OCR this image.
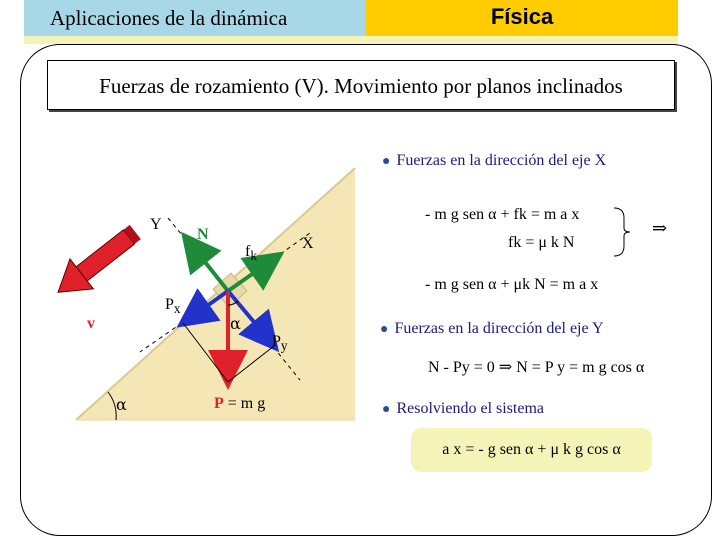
Aplicaciones de la dinámica	Física
Fuerzas de rozamiento (V). Movimiento por planos inclinados
Y
N
$f_k$
X
$P_x$
v	α
$P_y$
α	P = m g
● Fuerzas en la dirección del eje X
- m g sen α + fk = m a x
fk = μ k N
⇒
- m g sen α + μk N = m a x
● Fuerzas en la dirección del eje Y
N - Py = 0 ⇒ N = P y = m g cos α
● Resolviendo el sistema
a x = - g sen α + μ k g cos α
